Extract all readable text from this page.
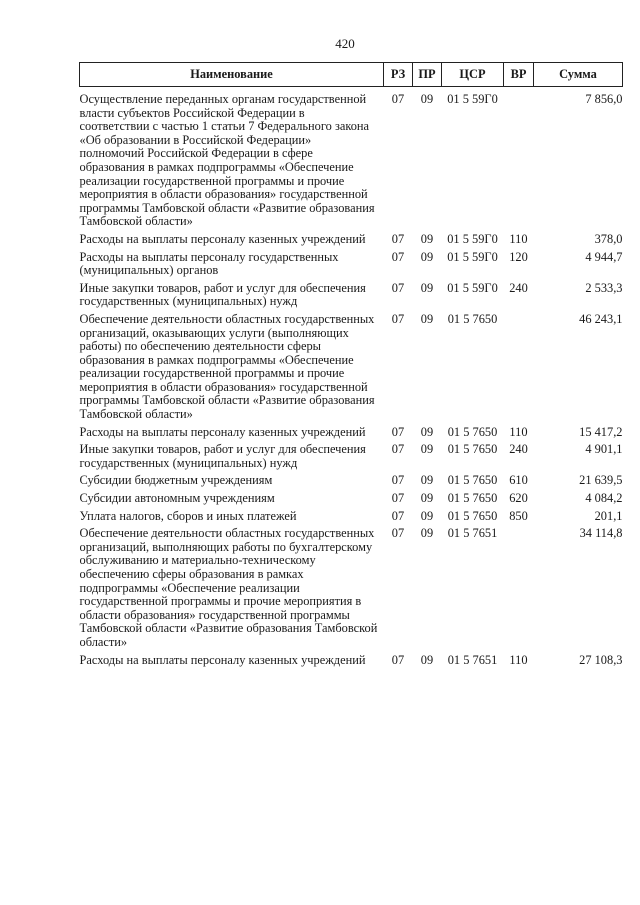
420
Наименование	РЗ	ПР	ЦСР	ВР	Сумма

Осуществление переданных органам государственной власти субъектов Российской Федерации в соответствии с частью 1 статьи 7 Федерального закона «Об образовании в Российской Федерации» полномочий Российской Федерации в сфере образования в рамках подпрограммы «Обеспечение реализации государственной программы и прочие мероприятия в области образования» государственной программы Тамбовской области «Развитие образования Тамбовской области»	07	09	01 5 59Г0		7 856,0
Расходы на выплаты персоналу казенных учреждений	07	09	01 5 59Г0	110	378,0
Расходы на выплаты персоналу государственных (муниципальных) органов	07	09	01 5 59Г0	120	4 944,7
Иные закупки товаров, работ и услуг для обеспечения государственных (муниципальных) нужд	07	09	01 5 59Г0	240	2 533,3
Обеспечение деятельности областных государственных организаций, оказывающих услуги (выполняющих работы) по обеспечению деятельности сферы образования в рамках подпрограммы «Обеспечение реализации государственной программы и прочие мероприятия в области образования» государственной программы Тамбовской области «Развитие образования Тамбовской области»	07	09	01 5 7650		46 243,1
Расходы на выплаты персоналу казенных учреждений	07	09	01 5 7650	110	15 417,2
Иные закупки товаров, работ и услуг для обеспечения государственных (муниципальных) нужд	07	09	01 5 7650	240	4 901,1
Субсидии бюджетным учреждениям	07	09	01 5 7650	610	21 639,5
Субсидии автономным учреждениям	07	09	01 5 7650	620	4 084,2
Уплата налогов, сборов и иных платежей	07	09	01 5 7650	850	201,1
Обеспечение деятельности областных государственных организаций, выполняющих работы по бухгалтерскому обслуживанию и материально-техническому обеспечению сферы образования в рамках подпрограммы «Обеспечение реализации государственной программы и прочие мероприятия в области образования» государственной программы Тамбовской области «Развитие образования Тамбовской области»	07	09	01 5 7651		34 114,8
Расходы на выплаты персоналу казенных учреждений	07	09	01 5 7651	110	27 108,3
